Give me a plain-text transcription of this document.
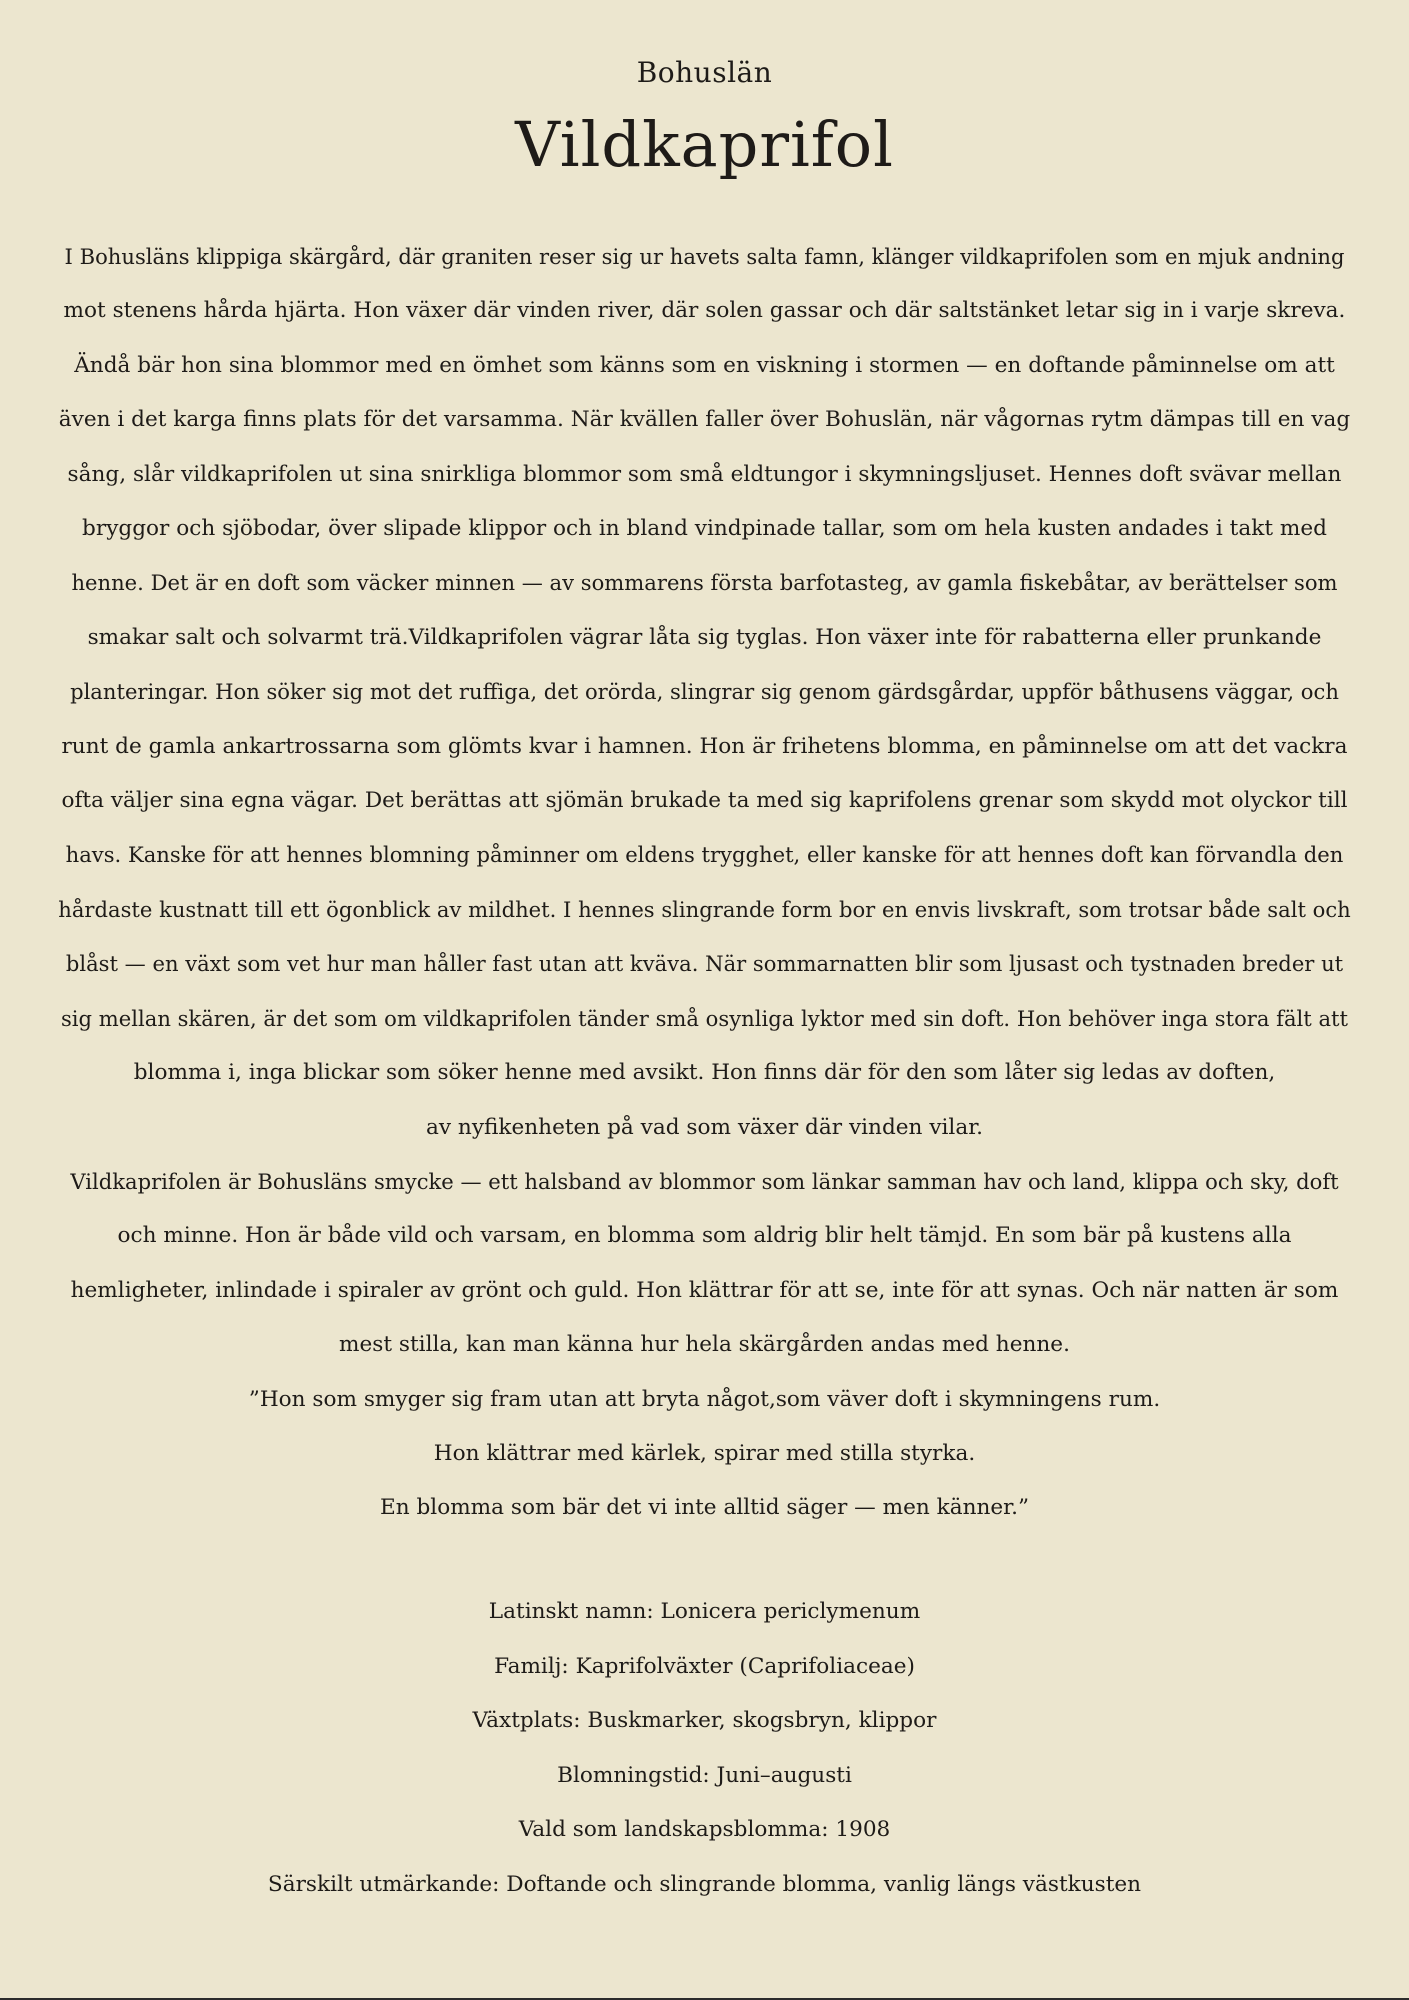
Bohuslän
Vildkaprifol
I Bohusläns klippiga skärgård, där graniten reser sig ur havets salta famn, klänger vildkaprifolen som en mjuk andning
mot stenens hårda hjärta. Hon växer där vinden river, där solen gassar och där saltstänket letar sig in i varje skreva.
Ändå bär hon sina blommor med en ömhet som känns som en viskning i stormen — en doftande påminnelse om att
även i det karga finns plats för det varsamma. När kvällen faller över Bohuslän, när vågornas rytm dämpas till en vag
sång, slår vildkaprifolen ut sina snirkliga blommor som små eldtungor i skymningsljuset. Hennes doft svävar mellan
bryggor och sjöbodar, över slipade klippor och in bland vindpinade tallar, som om hela kusten andades i takt med
henne. Det är en doft som väcker minnen — av sommarens första barfotasteg, av gamla fiskebåtar, av berättelser som
smakar salt och solvarmt trä.Vildkaprifolen vägrar låta sig tyglas. Hon växer inte för rabatterna eller prunkande
planteringar. Hon söker sig mot det ruffiga, det orörda, slingrar sig genom gärdsgårdar, uppför båthusens väggar, och
runt de gamla ankartrossarna som glömts kvar i hamnen. Hon är frihetens blomma, en påminnelse om att det vackra
ofta väljer sina egna vägar. Det berättas att sjömän brukade ta med sig kaprifolens grenar som skydd mot olyckor till
havs. Kanske för att hennes blomning påminner om eldens trygghet, eller kanske för att hennes doft kan förvandla den
hårdaste kustnatt till ett ögonblick av mildhet. I hennes slingrande form bor en envis livskraft, som trotsar både salt och
blåst — en växt som vet hur man håller fast utan att kväva. När sommarnatten blir som ljusast och tystnaden breder ut
sig mellan skären, är det som om vildkaprifolen tänder små osynliga lyktor med sin doft. Hon behöver inga stora fält att
blomma i, inga blickar som söker henne med avsikt. Hon finns där för den som låter sig ledas av doften,
av nyfikenheten på vad som växer där vinden vilar.
Vildkaprifolen är Bohusläns smycke — ett halsband av blommor som länkar samman hav och land, klippa och sky, doft
och minne. Hon är både vild och varsam, en blomma som aldrig blir helt tämjd. En som bär på kustens alla
hemligheter, inlindade i spiraler av grönt och guld. Hon klättrar för att se, inte för att synas. Och när natten är som
mest stilla, kan man känna hur hela skärgården andas med henne.
”Hon som smyger sig fram utan att bryta något,som väver doft i skymningens rum.
Hon klättrar med kärlek, spirar med stilla styrka.
En blomma som bär det vi inte alltid säger — men känner.”
Latinskt namn: Lonicera periclymenum
Familj: Kaprifolväxter (Caprifoliaceae)
Växtplats: Buskmarker, skogsbryn, klippor
Blomningstid: Juni–augusti
Vald som landskapsblomma: 1908
Särskilt utmärkande: Doftande och slingrande blomma, vanlig längs västkusten
